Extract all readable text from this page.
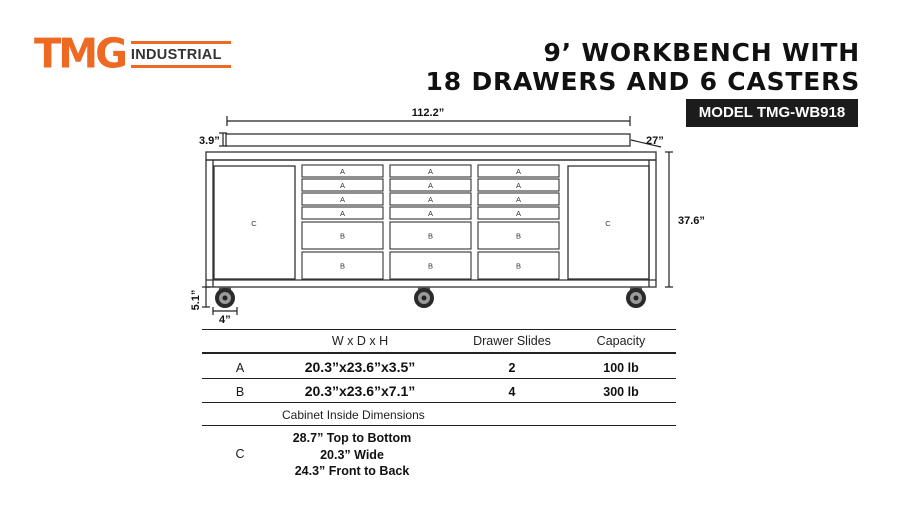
TMG INDUSTRIAL	9’ WORKBENCH WITH
18 DRAWERS AND 6 CASTERS
MODEL TMG-WB918
A
A
A
A
B
B
A
A
A
A
B
B
A
A
A
A
B
B
C	C
112.2”
3.9”	27”
37.6”
4”
5.1”
W x D x H	Drawer Slides	Capacity
A	20.3”x23.6”x3.5”	2	100 lb
B	20.3”x23.6”x7.1”	4	300 lb
Cabinet Inside Dimensions
C
28.7” Top to Bottom
20.3” Wide
24.3” Front to Back
